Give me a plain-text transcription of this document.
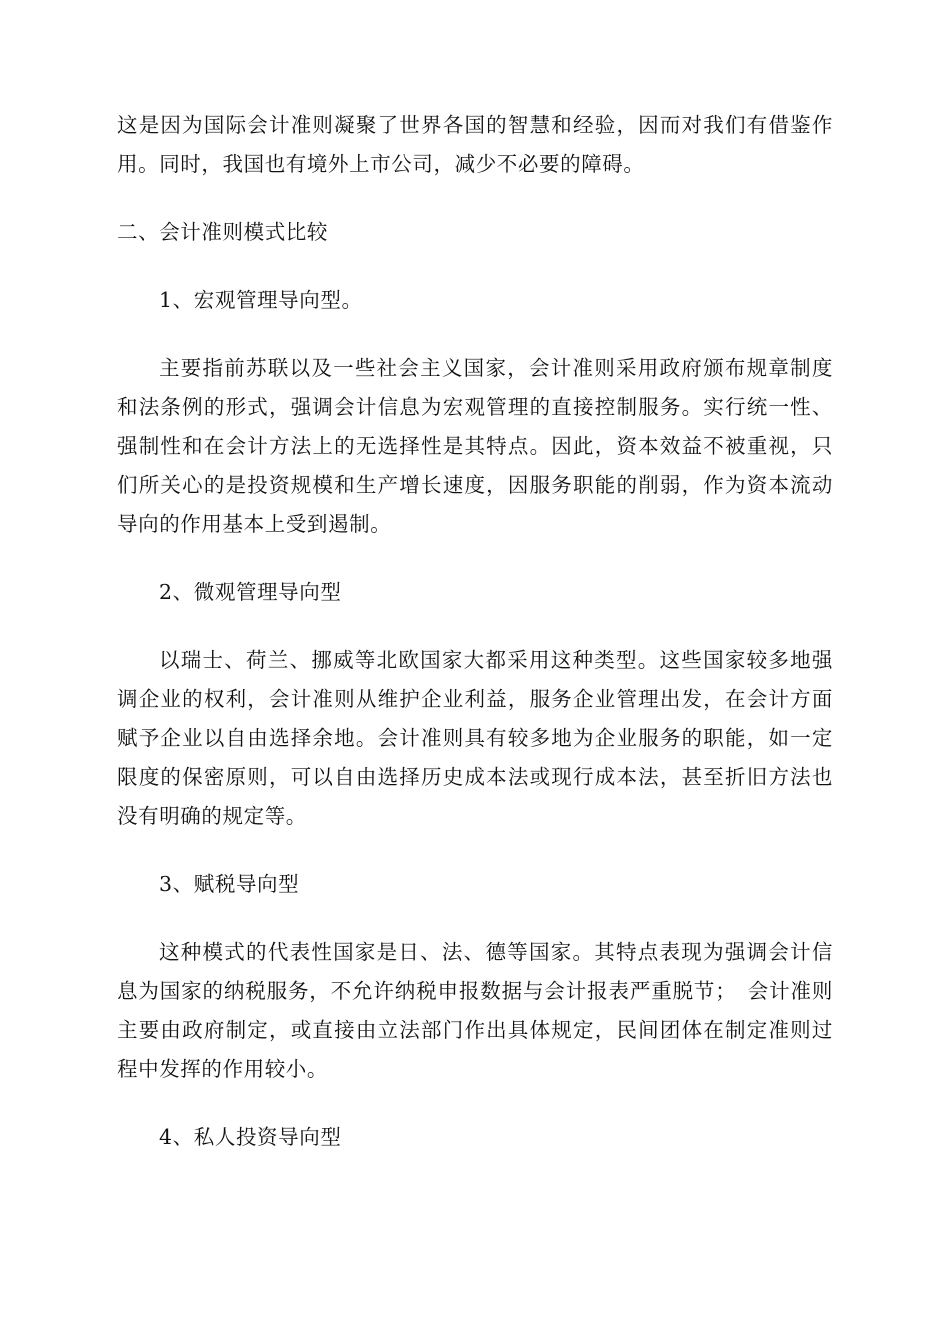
这是因为国际会计准则凝聚了世界各国的智慧和经验，因而对我们有借鉴作用。同时，我国也有境外上市公司，减少不必要的障碍。

二、会计准则模式比较

1、宏观管理导向型。

主要指前苏联以及一些社会主义国家，会计准则采用政府颁布规章制度和法条例的形式，强调会计信息为宏观管理的直接控制服务。实行统一性、强制性和在会计方法上的无选择性是其特点。因此，资本效益不被重视，只们所关心的是投资规模和生产增长速度，因服务职能的削弱，作为资本流动导向的作用基本上受到遏制。

2、微观管理导向型

以瑞士、荷兰、挪威等北欧国家大都采用这种类型。这些国家较多地强调企业的权利，会计准则从维护企业利益，服务企业管理出发，在会计方面赋予企业以自由选择余地。会计准则具有较多地为企业服务的职能，如一定限度的保密原则，可以自由选择历史成本法或现行成本法，甚至折旧方法也没有明确的规定等。

3、赋税导向型

这种模式的代表性国家是日、法、德等国家。其特点表现为强调会计信息为国家的纳税服务，不允许纳税申报数据与会计报表严重脱节；　会计准则主要由政府制定，或直接由立法部门作出具体规定，民间团体在制定准则过程中发挥的作用较小。

4、私人投资导向型
